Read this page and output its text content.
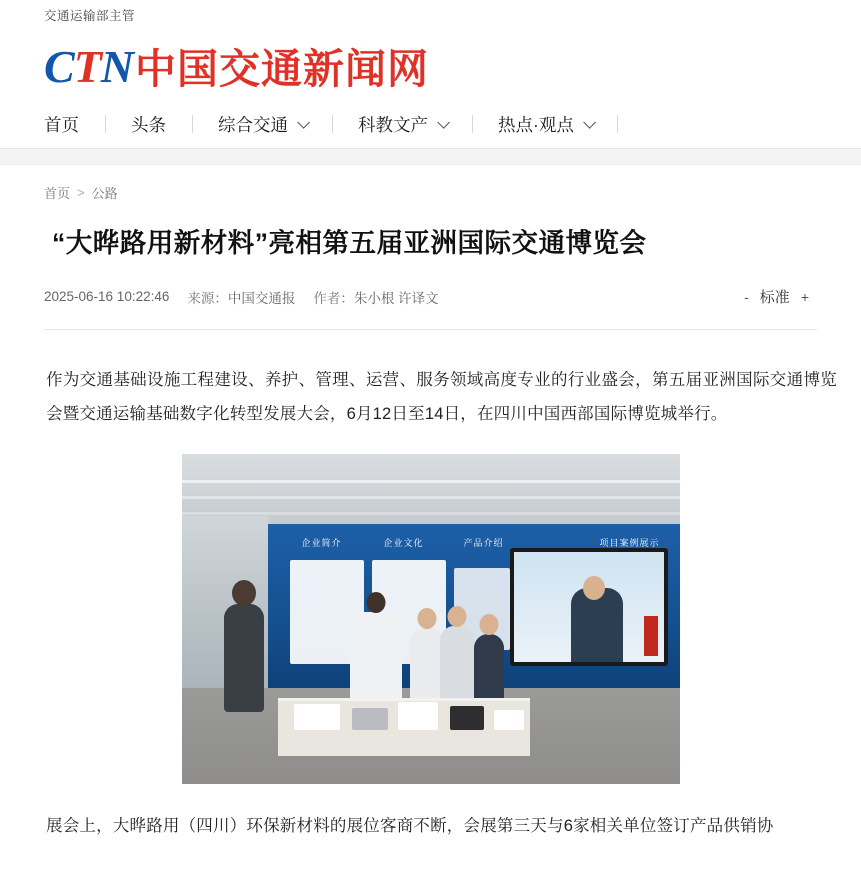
交通运输部主管
C T N 中国交通新闻网
首页	头条	综合交通	科教文产	热点·观点
首页 > 公路
“大晔路用新材料”亮相第五届亚洲国际交通博览会
2025-06-16 10:22:46 来源：中国交通报 作者：朱小根 许译文	- 标准 +

作为交通基础设施工程建设、养护、管理、运营、服务领域高度专业的行业盛会，第五届亚洲国际交通博览会暨交通运输基础数字化转型发展大会，6月12日至14日，在四川中国西部国际博览城举行。

企业简介	企业文化	产品介绍	项目案例展示

展会上，大晔路用（四川）环保新材料的展位客商不断，会展第三天与6家相关单位签订产品供销协
